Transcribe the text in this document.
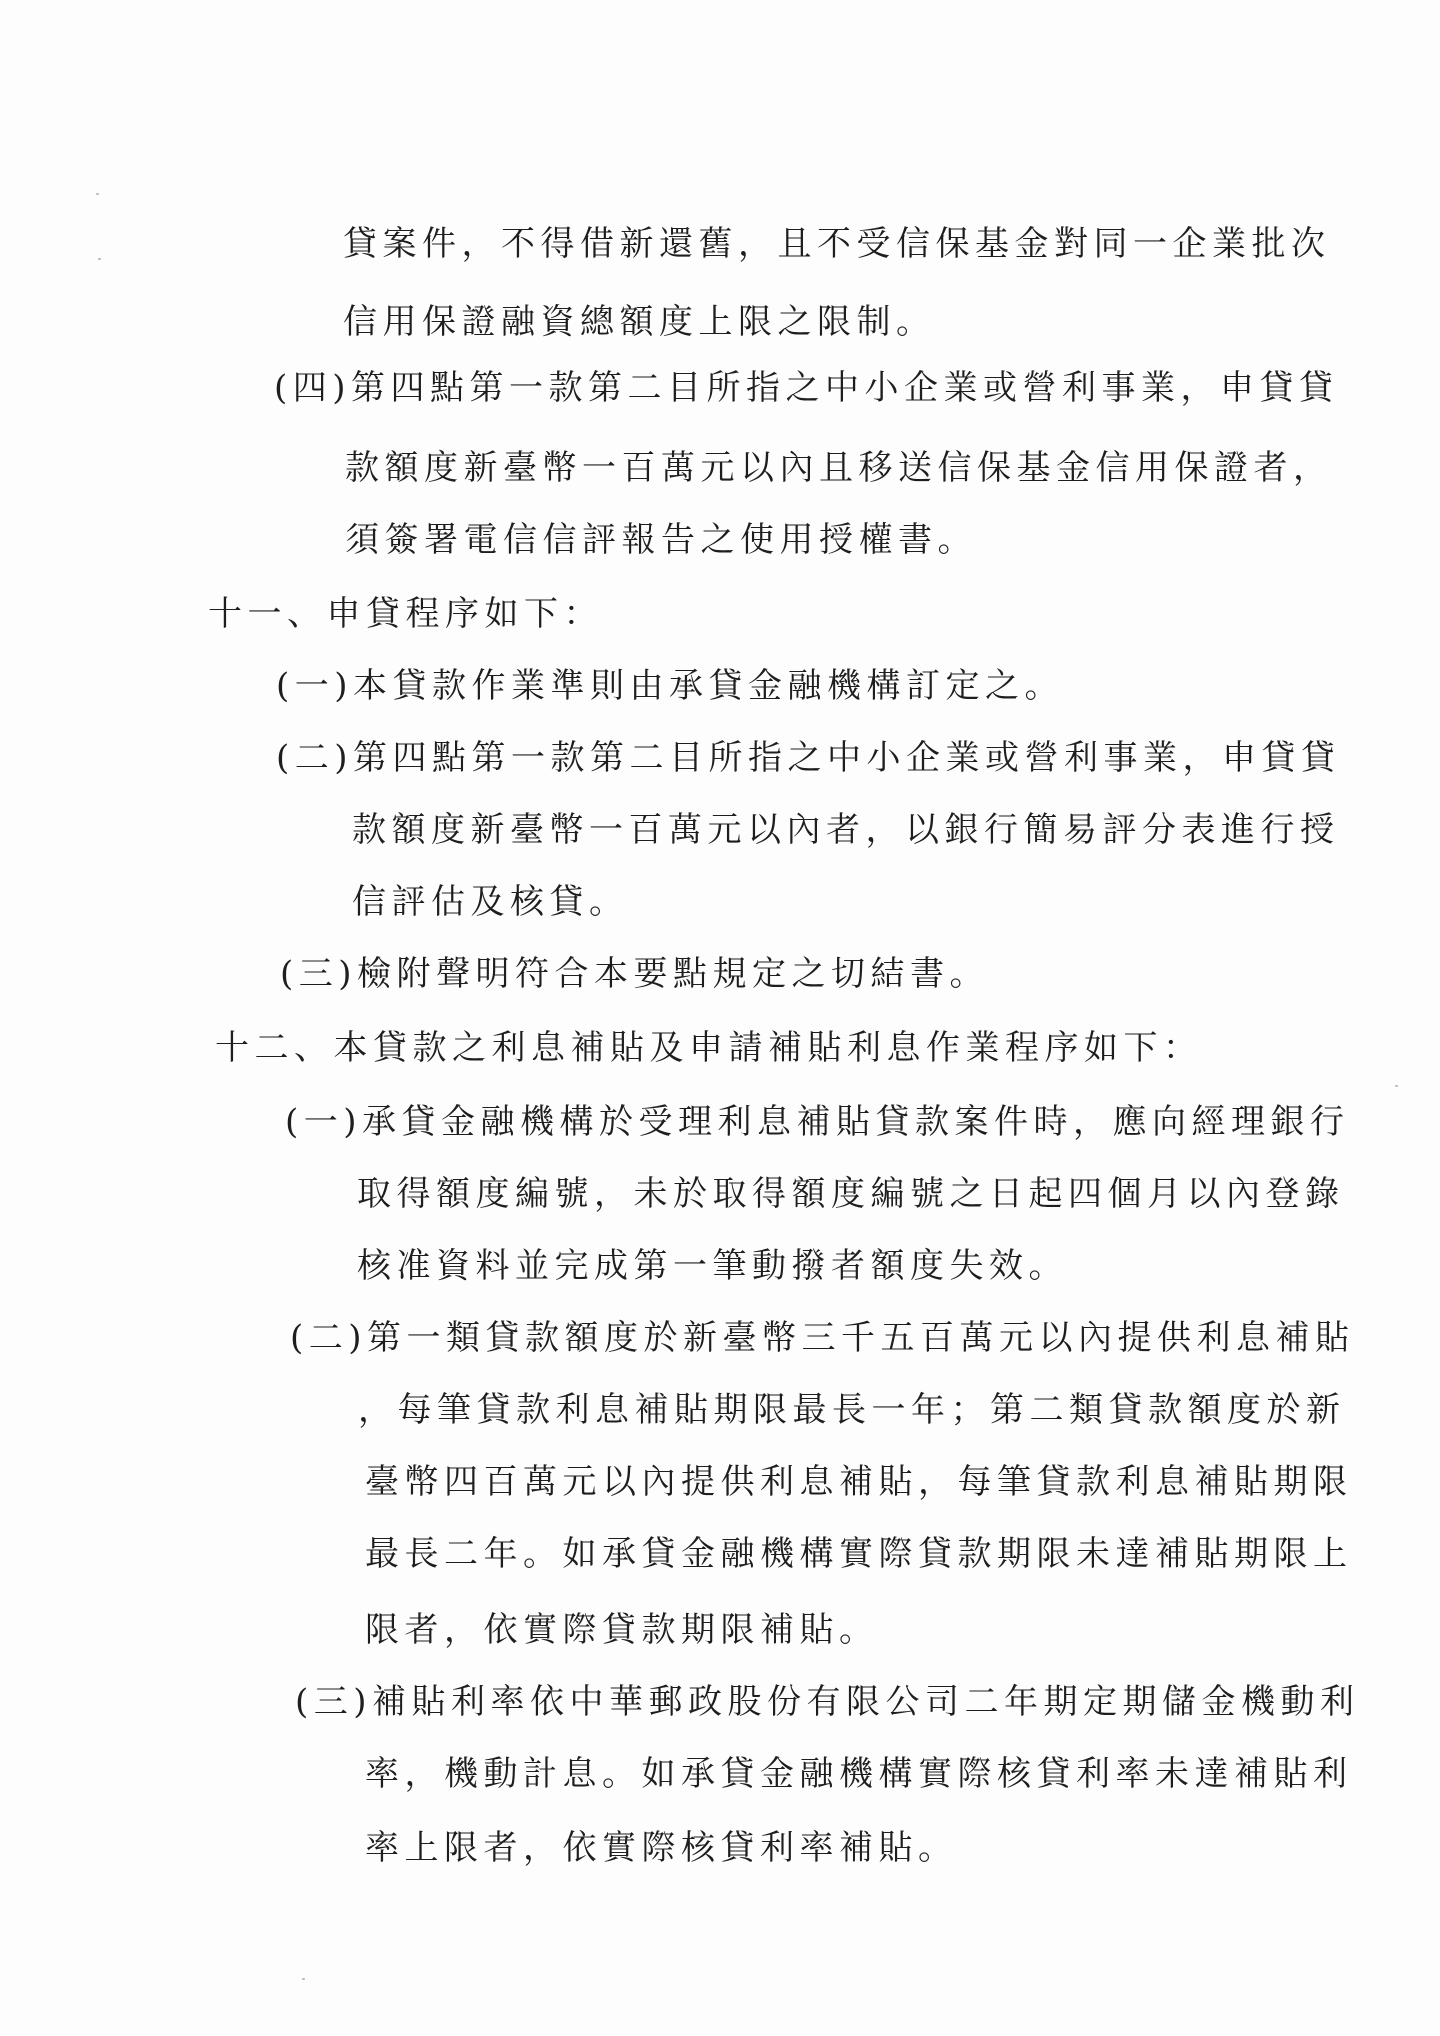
貸案件，不得借新還舊，且不受信保基金對同一企業批次
信用保證融資總額度上限之限制。
(四)第四點第一款第二目所指之中小企業或營利事業，申貸貸
款額度新臺幣一百萬元以內且移送信保基金信用保證者，
須簽署電信信評報告之使用授權書。
十一、申貸程序如下：
(一)本貸款作業準則由承貸金融機構訂定之。
(二)第四點第一款第二目所指之中小企業或營利事業，申貸貸
款額度新臺幣一百萬元以內者，以銀行簡易評分表進行授
信評估及核貸。
(三)檢附聲明符合本要點規定之切結書。
十二、本貸款之利息補貼及申請補貼利息作業程序如下：
(一)承貸金融機構於受理利息補貼貸款案件時，應向經理銀行
取得額度編號，未於取得額度編號之日起四個月以內登錄
核准資料並完成第一筆動撥者額度失效。
(二)第一類貸款額度於新臺幣三千五百萬元以內提供利息補貼
，每筆貸款利息補貼期限最長一年；第二類貸款額度於新
臺幣四百萬元以內提供利息補貼，每筆貸款利息補貼期限
最長二年。如承貸金融機構實際貸款期限未達補貼期限上
限者，依實際貸款期限補貼。
(三)補貼利率依中華郵政股份有限公司二年期定期儲金機動利
率，機動計息。如承貸金融機構實際核貸利率未達補貼利
率上限者，依實際核貸利率補貼。
